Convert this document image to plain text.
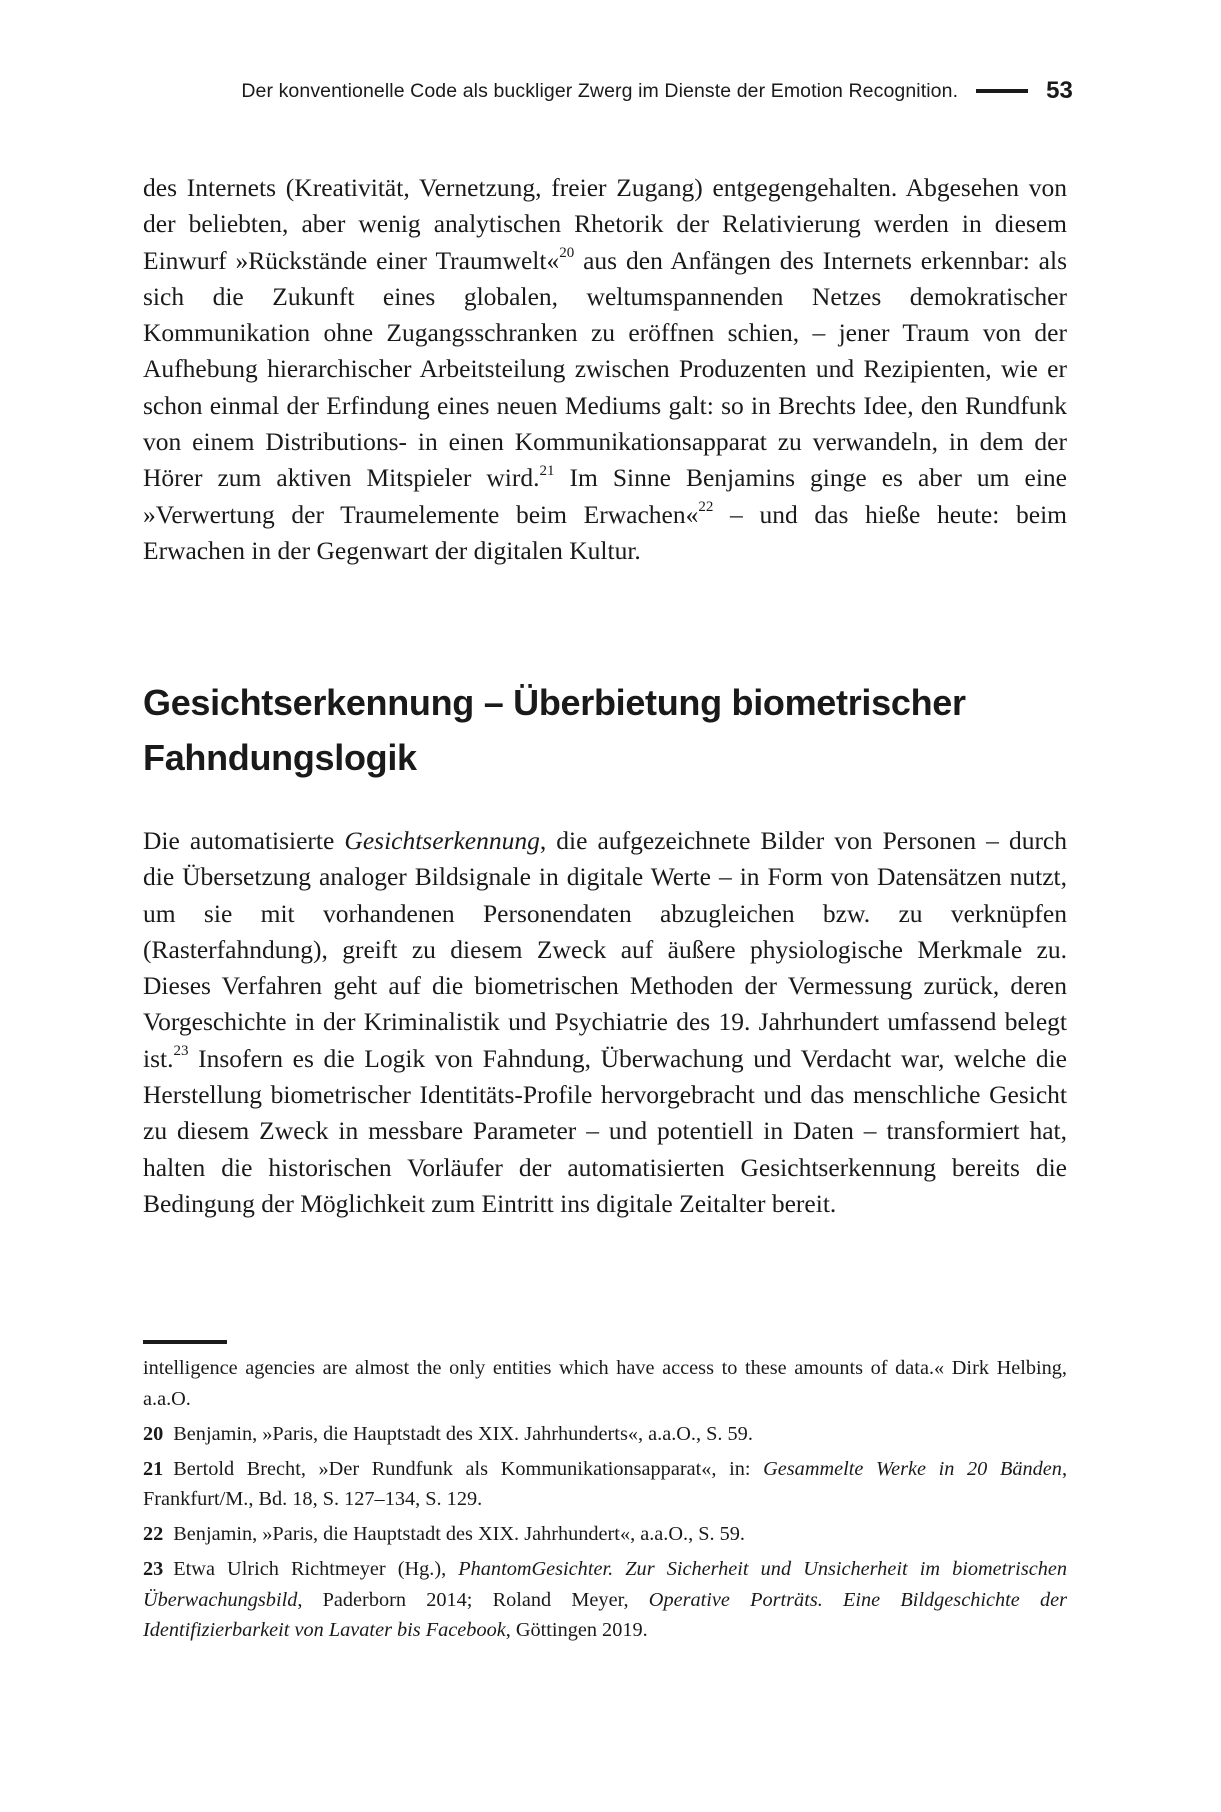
Der konventionelle Code als buckliger Zwerg im Dienste der Emotion Recognition.	53

des Internets (Kreativität, Vernetzung, freier Zugang) entgegengehalten. Abgesehen von der beliebten, aber wenig analytischen Rhetorik der Relativierung werden in diesem Einwurf »Rückstände einer Traumwelt«$^{20}$ aus den Anfängen des Internets erkennbar: als sich die Zukunft eines globalen, weltumspannenden Netzes demokratischer Kommunikation ohne Zugangsschranken zu eröffnen schien, – jener Traum von der Aufhebung hierarchischer Arbeitsteilung zwischen Produzenten und Rezipienten, wie er schon einmal der Erfindung eines neuen Mediums galt: so in Brechts Idee, den Rundfunk von einem Distributions- in einen Kommunikationsapparat zu verwandeln, in dem der Hörer zum aktiven Mitspieler wird.$^{21}$ Im Sinne Benjamins ginge es aber um eine »Verwertung der Traumelemente beim Erwachen«$^{22}$ – und das hieße heute: beim Erwachen in der Gegenwart der digitalen Kultur.

Gesichtserkennung – Überbietung biometrischer
Fahndungslogik

Die automatisierte Gesichtserkennung, die aufgezeichnete Bilder von Personen – durch die Übersetzung analoger Bildsignale in digitale Werte – in Form von Datensätzen nutzt, um sie mit vorhandenen Personendaten abzugleichen bzw. zu verknüpfen (Rasterfahndung), greift zu diesem Zweck auf äußere physiologische Merkmale zu. Dieses Verfahren geht auf die biometrischen Methoden der Vermessung zurück, deren Vorgeschichte in der Kriminalistik und Psychiatrie des 19. Jahrhundert umfassend belegt ist.$^{23}$ Insofern es die Logik von Fahndung, Überwachung und Verdacht war, welche die Herstellung biometrischer Identitäts-Profile hervorgebracht und das menschliche Gesicht zu diesem Zweck in messbare Parameter – und potentiell in Daten – transformiert hat, halten die historischen Vorläufer der automatisierten Gesichtserkennung bereits die Bedingung der Möglichkeit zum Eintritt ins digitale Zeitalter bereit.

intelligence agencies are almost the only entities which have access to these amounts of data.« Dirk Helbing, a.a.O.

20 Benjamin, »Paris, die Hauptstadt des XIX. Jahrhunderts«, a.a.O., S. 59.

21 Bertold Brecht, »Der Rundfunk als Kommunikationsapparat«, in: Gesammelte Werke in 20 Bänden, Frankfurt/M., Bd. 18, S. 127–134, S. 129.

22 Benjamin, »Paris, die Hauptstadt des XIX. Jahrhundert«, a.a.O., S. 59.

23 Etwa Ulrich Richtmeyer (Hg.), PhantomGesichter. Zur Sicherheit und Unsicherheit im biometrischen Überwachungsbild, Paderborn 2014; Roland Meyer, Operative Porträts. Eine Bildgeschichte der Identifizierbarkeit von Lavater bis Facebook, Göttingen 2019.
